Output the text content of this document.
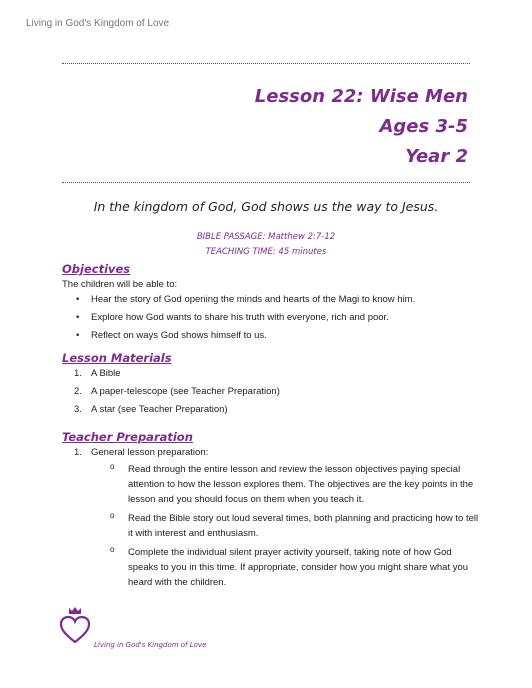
Living in God's Kingdom of Love
Lesson 22: Wise Men
Ages 3-5
Year 2
In the kingdom of God, God shows us the way to Jesus.
BIBLE PASSAGE: Matthew 2:7-12
TEACHING TIME: 45 minutes
Objectives
The children will be able to:
• Hear the story of God opening the minds and hearts of the Magi to know him.
• Explore how God wants to share his truth with everyone, rich and poor.
• Reflect on ways God shows himself to us.
Lesson Materials
1. A Bible
2. A paper-telescope (see Teacher Preparation)
3. A star (see Teacher Preparation)
Teacher Preparation
1. General lesson preparation:
o Read through the entire lesson and review the lesson objectives paying special attention to how the lesson explores them. The objectives are the key points in the lesson and you should focus on them when you teach it.
o Read the Bible story out loud several times, both planning and practicing how to tell it with interest and enthusiasm.
o Complete the individual silent prayer activity yourself, taking note of how God speaks to you in this time. If appropriate, consider how you might share what you heard with the children.
Living in God's Kingdom of Love
